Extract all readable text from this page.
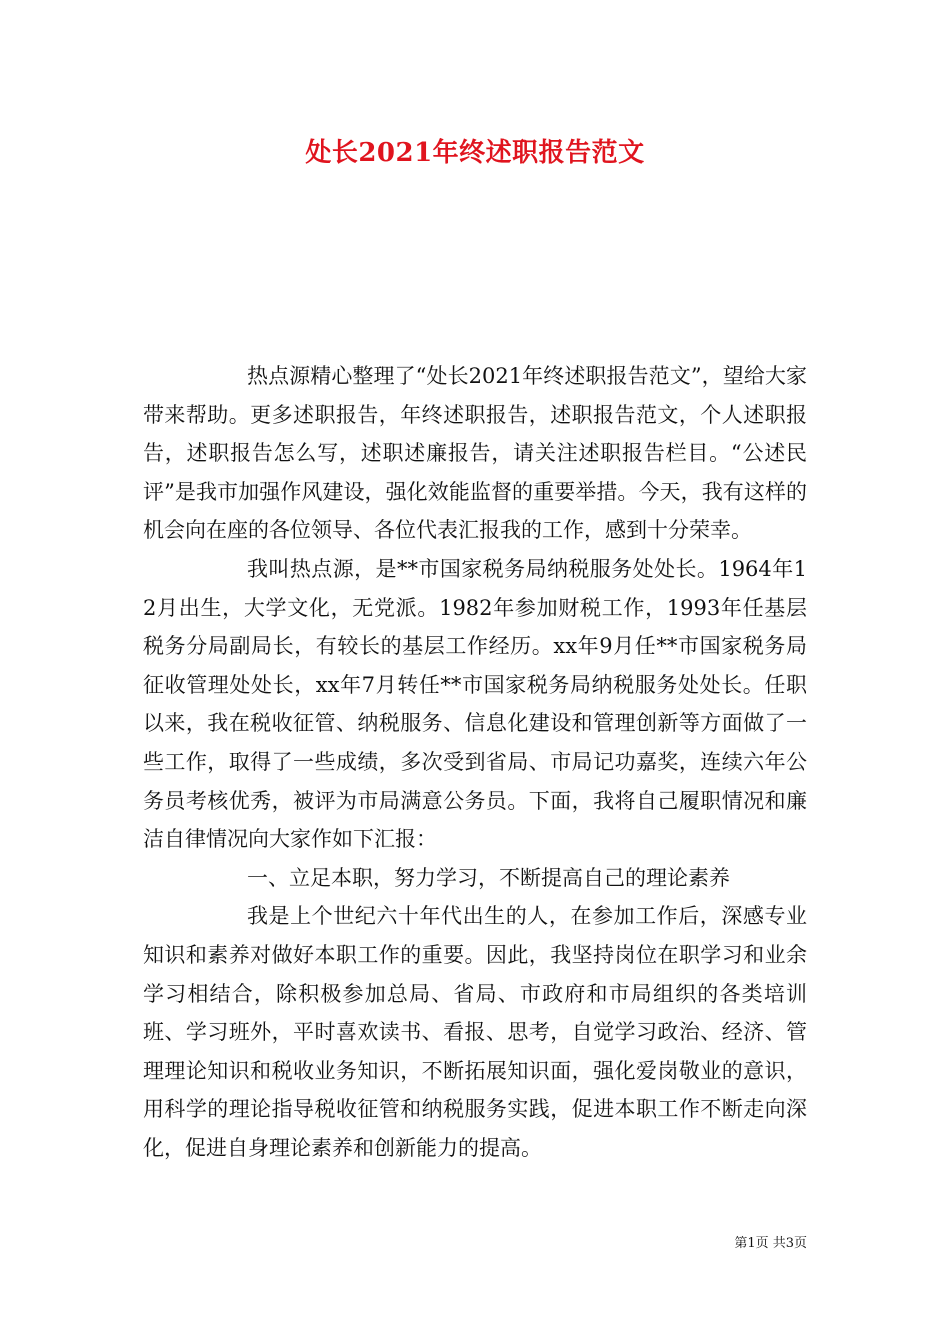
处长2021年终述职报告范文

热点源精心整理了“处长2021年终述职报告范文”，望给大家带来帮助。更多述职报告，年终述职报告，述职报告范文，个人述职报告，述职报告怎么写，述职述廉报告，请关注述职报告栏目。“公述民评”是我市加强作风建设，强化效能监督的重要举措。今天，我有这样的机会向在座的各位领导、各位代表汇报我的工作，感到十分荣幸。

我叫热点源，是**市国家税务局纳税服务处处长。1964年12月出生，大学文化，无党派。1982年参加财税工作，1993年任基层税务分局副局长，有较长的基层工作经历。xx年9月任**市国家税务局征收管理处处长，xx年7月转任**市国家税务局纳税服务处处长。任职以来，我在税收征管、纳税服务、信息化建设和管理创新等方面做了一些工作，取得了一些成绩，多次受到省局、市局记功嘉奖，连续六年公务员考核优秀，被评为市局满意公务员。下面，我将自己履职情况和廉洁自律情况向大家作如下汇报：

一、立足本职，努力学习，不断提高自己的理论素养

我是上个世纪六十年代出生的人，在参加工作后，深感专业知识和素养对做好本职工作的重要。因此，我坚持岗位在职学习和业余学习相结合，除积极参加总局、省局、市政府和市局组织的各类培训班、学习班外，平时喜欢读书、看报、思考，自觉学习政治、经济、管理理论知识和税收业务知识，不断拓展知识面，强化爱岗敬业的意识，用科学的理论指导税收征管和纳税服务实践，促进本职工作不断走向深化，促进自身理论素养和创新能力的提高。

第1页 共3页
